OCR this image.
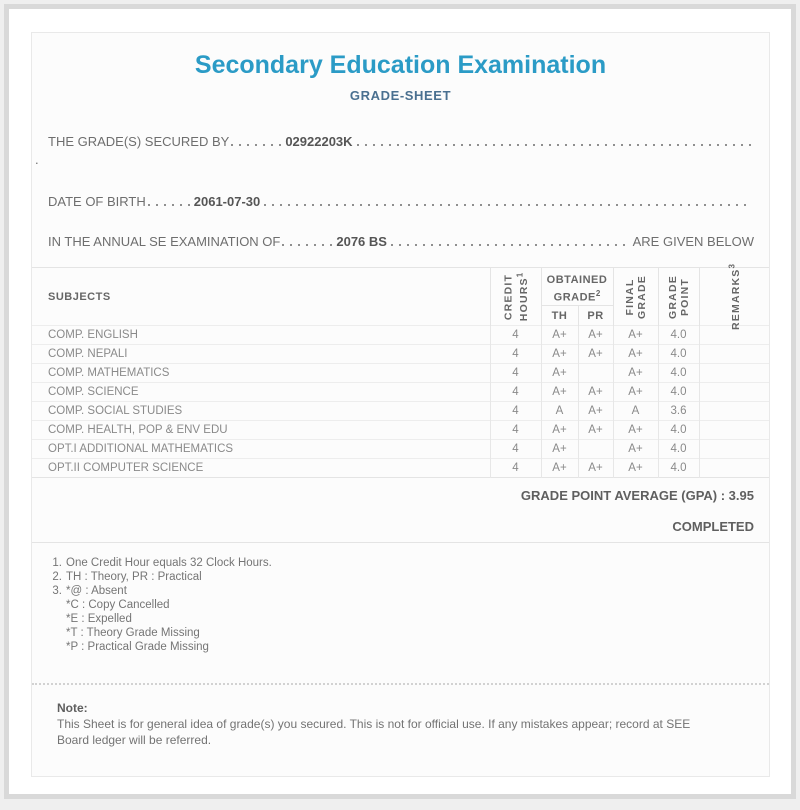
Secondary Education Examination
GRADE-SHEET
THE GRADE(S) SECURED BY	02922203K
.
DATE OF BIRTH	2061-07-30
IN THE ANNUAL SE EXAMINATION OF	2076 BS	ARE GIVEN BELOW
SUBJECTS	CREDIT HOURS$^1$	OBTAINED GRADE$^2$		FINAL GRADE	GRADE POINT	REMARKS$^3$

		TH	PR			
COMP. ENGLISH	4	A+	A+	A+	4.0	
COMP. NEPALI	4	A+	A+	A+	4.0	
COMP. MATHEMATICS	4	A+		A+	4.0	
COMP. SCIENCE	4	A+	A+	A+	4.0	
COMP. SOCIAL STUDIES	4	A	A+	A	3.6	
COMP. HEALTH, POP & ENV EDU	4	A+	A+	A+	4.0	
OPT.I ADDITIONAL MATHEMATICS	4	A+		A+	4.0	
OPT.II COMPUTER SCIENCE	4	A+	A+	A+	4.0	
GRADE POINT AVERAGE (GPA) : 3.95
COMPLETED
1. One Credit Hour equals 32 Clock Hours.
2. TH : Theory, PR : Practical
3. *@ : Absent
*C : Copy Cancelled
*E : Expelled
*T : Theory Grade Missing
*P : Practical Grade Missing
Note:
This Sheet is for general idea of grade(s) you secured. This is not for official use. If any mistakes appear; record at SEE Board ledger will be referred.
